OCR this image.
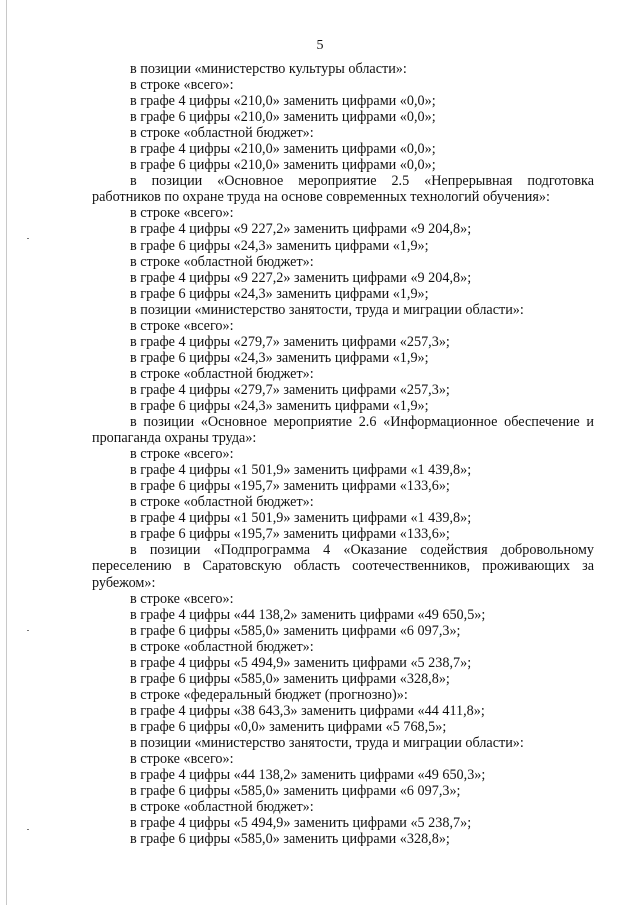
5
в позиции «министерство культуры области»:
в строке «всего»:
в графе 4 цифры «210,0» заменить цифрами «0,0»;
в графе 6 цифры «210,0» заменить цифрами «0,0»;
в строке «областной бюджет»:
в графе 4 цифры «210,0» заменить цифрами «0,0»;
в графе 6 цифры «210,0» заменить цифрами «0,0»;
в позиции «Основное мероприятие 2.5 «Непрерывная подготовка работников по охране труда на основе современных технологий обучения»:
в строке «всего»:
в графе 4 цифры «9 227,2» заменить цифрами «9 204,8»;
в графе 6 цифры «24,3» заменить цифрами «1,9»;
в строке «областной бюджет»:
в графе 4 цифры «9 227,2» заменить цифрами «9 204,8»;
в графе 6 цифры «24,3» заменить цифрами «1,9»;
в позиции «министерство занятости, труда и миграции области»:
в строке «всего»:
в графе 4 цифры «279,7» заменить цифрами «257,3»;
в графе 6 цифры «24,3» заменить цифрами «1,9»;
в строке «областной бюджет»:
в графе 4 цифры «279,7» заменить цифрами «257,3»;
в графе 6 цифры «24,3» заменить цифрами «1,9»;
в позиции «Основное мероприятие 2.6 «Информационное обеспечение и пропаганда охраны труда»:
в строке «всего»:
в графе 4 цифры «1 501,9» заменить цифрами «1 439,8»;
в графе 6 цифры «195,7» заменить цифрами «133,6»;
в строке «областной бюджет»:
в графе 4 цифры «1 501,9» заменить цифрами «1 439,8»;
в графе 6 цифры «195,7» заменить цифрами «133,6»;
в позиции «Подпрограмма 4 «Оказание содействия добровольному переселению в Саратовскую область соотечественников, проживающих за рубежом»:
в строке «всего»:
в графе 4 цифры «44 138,2» заменить цифрами «49 650,5»;
в графе 6 цифры «585,0» заменить цифрами «6 097,3»;
в строке «областной бюджет»:
в графе 4 цифры «5 494,9» заменить цифрами «5 238,7»;
в графе 6 цифры «585,0» заменить цифрами «328,8»;
в строке «федеральный бюджет (прогнозно)»:
в графе 4 цифры «38 643,3» заменить цифрами «44 411,8»;
в графе 6 цифры «0,0» заменить цифрами «5 768,5»;
в позиции «министерство занятости, труда и миграции области»:
в строке «всего»:
в графе 4 цифры «44 138,2» заменить цифрами «49 650,3»;
в графе 6 цифры «585,0» заменить цифрами «6 097,3»;
в строке «областной бюджет»:
в графе 4 цифры «5 494,9» заменить цифрами «5 238,7»;
в графе 6 цифры «585,0» заменить цифрами «328,8»;
